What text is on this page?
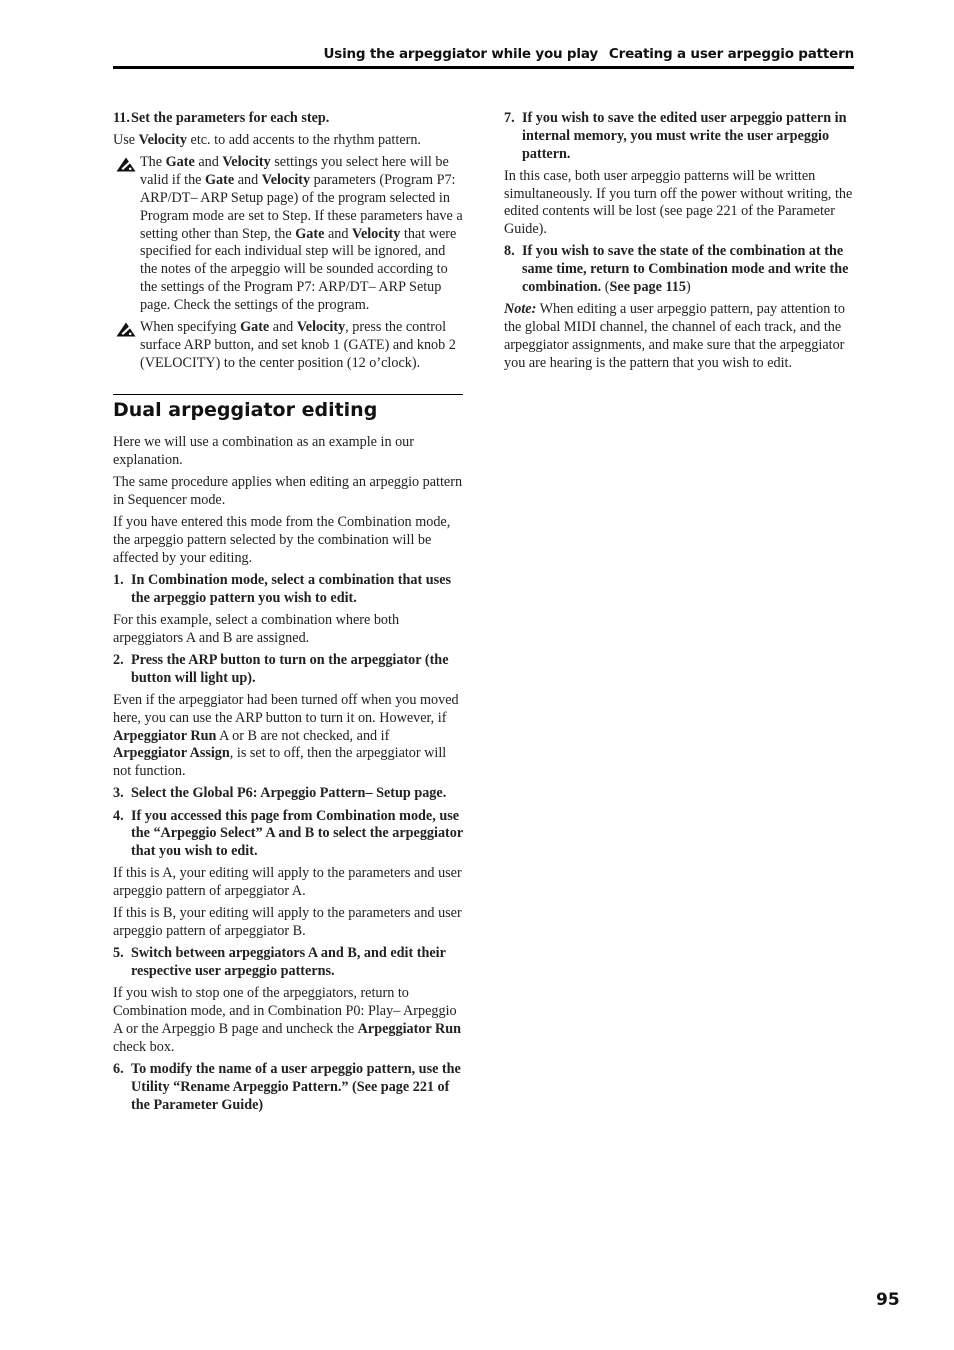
Using the arpeggiator while you play Creating a user arpeggio pattern
11.Set the parameters for each step.

Use Velocity etc. to add accents to the rhythm pattern.

The Gate and Velocity settings you select here will be valid if the Gate and Velocity parameters (Program P7: ARP/DT– ARP Setup page) of the program selected in Program mode are set to Step. If these parameters have a setting other than Step, the Gate and Velocity that were specified for each individual step will be ignored, and the notes of the arpeggio will be sounded according to the settings of the Program P7: ARP/DT– ARP Setup page. Check the settings of the program.
When specifying Gate and Velocity, press the control surface ARP button, and set knob 1 (GATE) and knob 2 (VELOCITY) to the center position (12 o’clock).
Dual arpeggiator editing

Here we will use a combination as an example in our explanation.

The same procedure applies when editing an arpeggio pattern in Sequencer mode.

If you have entered this mode from the Combination mode, the arpeggio pattern selected by the combination will be affected by your editing.

1. In Combination mode, select a combination that uses the arpeggio pattern you wish to edit.

For this example, select a combination where both arpeggiators A and B are assigned.

2. Press the ARP button to turn on the arpeggiator (the button will light up).

Even if the arpeggiator had been turned off when you moved here, you can use the ARP button to turn it on. However, if Arpeggiator Run A or B are not checked, and if Arpeggiator Assign, is set to off, then the arpeggiator will not function.

3. Select the Global P6: Arpeggio Pattern– Setup page.
4. If you accessed this page from Combination mode, use the “Arpeggio Select” A and B to select the arpeggiator that you wish to edit.

If this is A, your editing will apply to the parameters and user arpeggio pattern of arpeggiator A.

If this is B, your editing will apply to the parameters and user arpeggio pattern of arpeggiator B.

5. Switch between arpeggiators A and B, and edit their respective user arpeggio patterns.

If you wish to stop one of the arpeggiators, return to Combination mode, and in Combination P0: Play– Arpeggio A or the Arpeggio B page and uncheck the Arpeggiator Run check box.

6. To modify the name of a user arpeggio pattern, use the Utility “Rename Arpeggio Pattern.” (See page 221 of the Parameter Guide)
7. If you wish to save the edited user arpeggio pattern in internal memory, you must write the user arpeggio pattern.

In this case, both user arpeggio patterns will be written simultaneously. If you turn off the power without writing, the edited contents will be lost (see page 221 of the Parameter Guide).

8. If you wish to save the state of the combination at the same time, return to Combination mode and write the combination. (See page 115)

Note: When editing a user arpeggio pattern, pay attention to the global MIDI channel, the channel of each track, and the arpeggiator assignments, and make sure that the arpeggiator you are hearing is the pattern that you wish to edit.

95
